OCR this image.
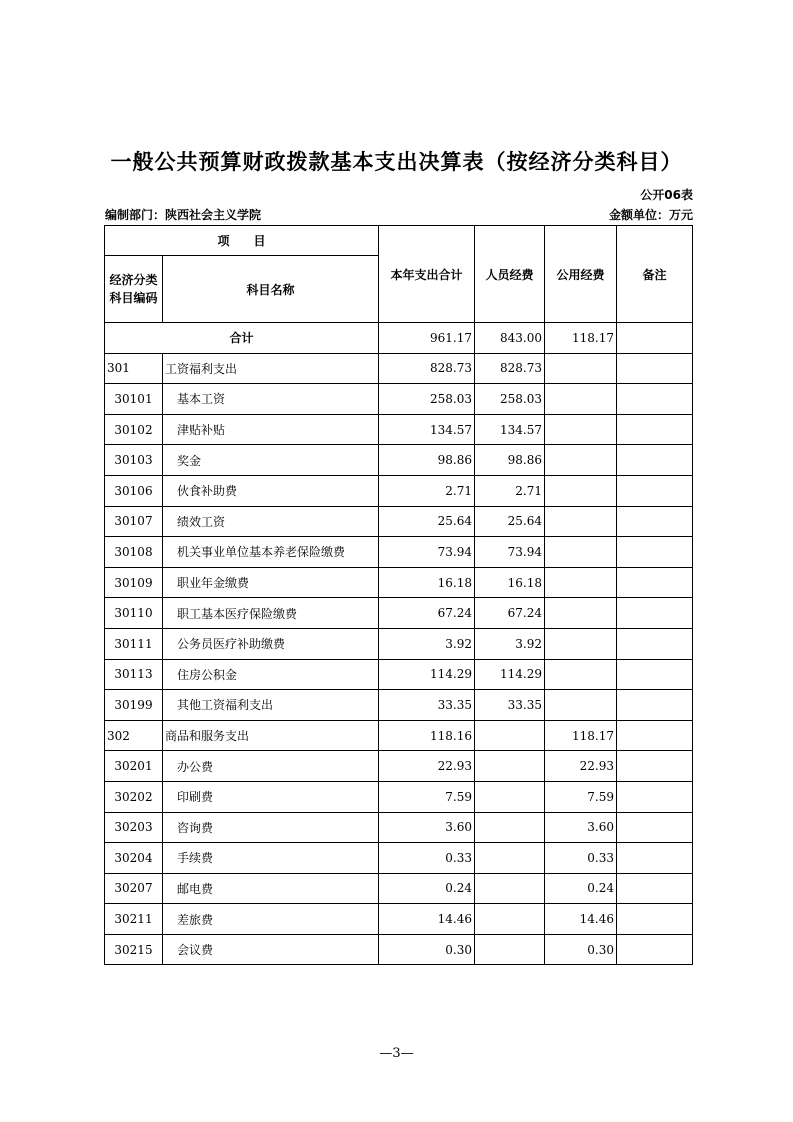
一般公共预算财政拨款基本支出决算表（按经济分类科目）
公开06表
编制部门：陕西社会主义学院	金额单位：万元
项　　目		本年支出合计	人员经费	公用经费	备注
经济分类科目编码	科目名称				
合计		961.17	843.00	118.17	
301	工资福利支出	828.73	828.73		
30101	基本工资	258.03	258.03		
30102	津贴补贴	134.57	134.57		
30103	奖金	98.86	98.86		
30106	伙食补助费	2.71	2.71		
30107	绩效工资	25.64	25.64		
30108	机关事业单位基本养老保险缴费	73.94	73.94		
30109	职业年金缴费	16.18	16.18		
30110	职工基本医疗保险缴费	67.24	67.24		
30111	公务员医疗补助缴费	3.92	3.92		
30113	住房公积金	114.29	114.29		
30199	其他工资福利支出	33.35	33.35		
302	商品和服务支出	118.16		118.17	
30201	办公费	22.93		22.93	
30202	印刷费	7.59		7.59	
30203	咨询费	3.60		3.60	
30204	手续费	0.33		0.33	
30207	邮电费	0.24		0.24	
30211	差旅费	14.46		14.46	
30215	会议费	0.30		0.30	
—3—
